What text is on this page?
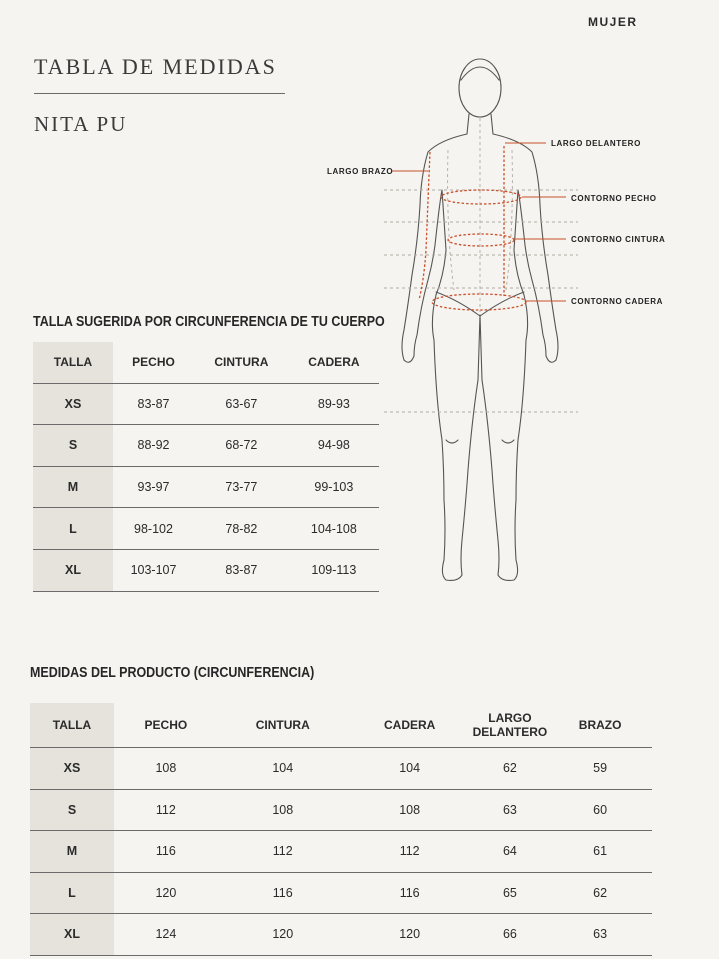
MUJER
TABLA DE MEDIDAS
NITA PU
LARGO DELANTERO
LARGO BRAZO
CONTORNO PECHO
CONTORNO CINTURA
CONTORNO CADERA
TALLA SUGERIDA POR CIRCUNFERENCIA DE TU CUERPO
TALLA	PECHO	CINTURA	CADERA
XS	83-87	63-67	89-93
S	88-92	68-72	94-98
M	93-97	73-77	99-103
L	98-102	78-82	104-108
XL	103-107	83-87	109-113
MEDIDAS DEL PRODUCTO (CIRCUNFERENCIA)
TALLA	PECHO	CINTURA	CADERA	LARGO DELANTERO	BRAZO
XS	108	104	104	62	59
S	112	108	108	63	60
M	116	112	112	64	61
L	120	116	116	65	62
XL	124	120	120	66	63
